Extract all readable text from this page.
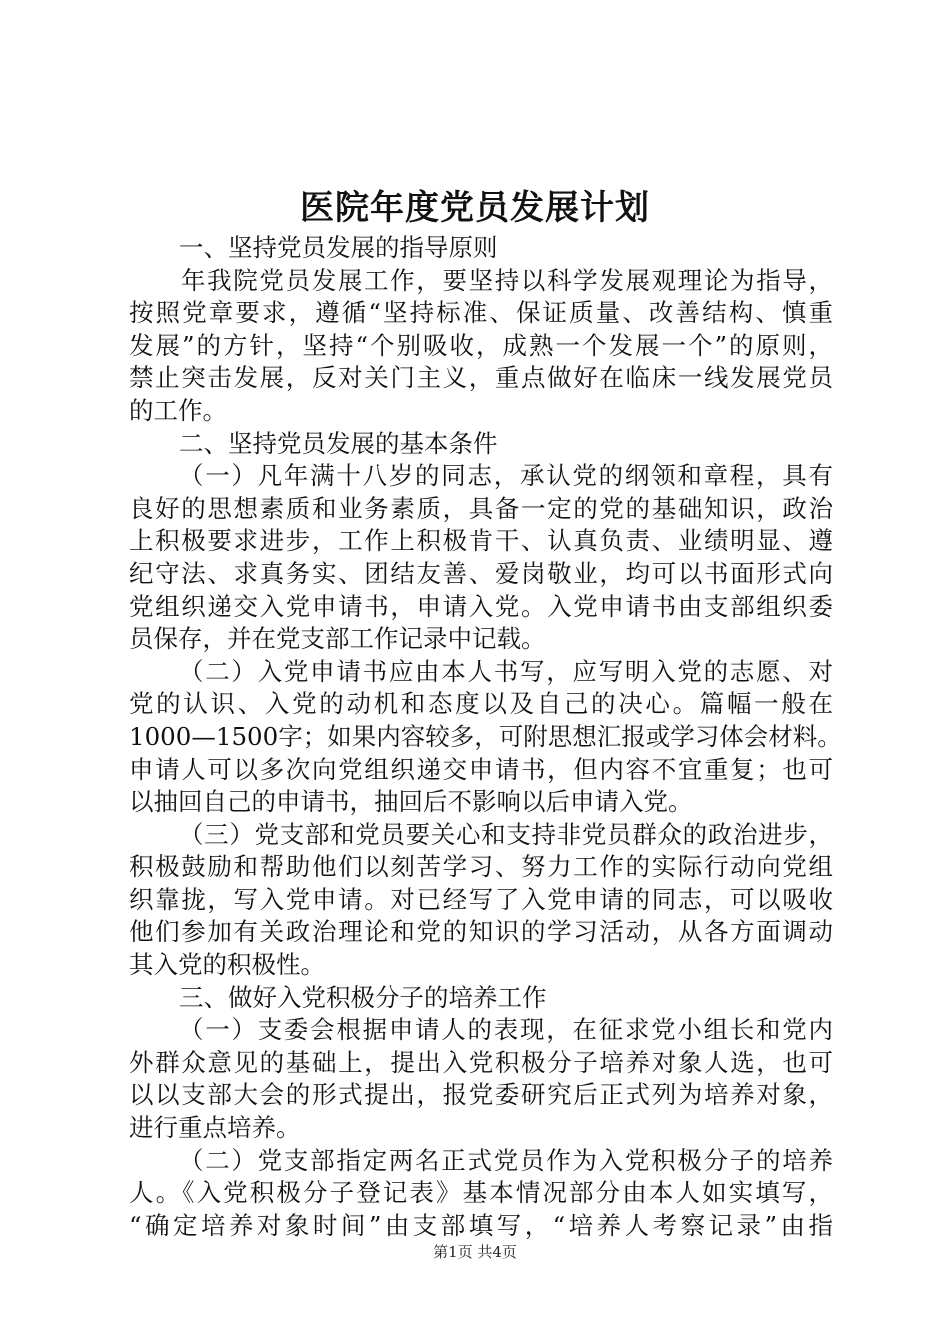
医院年度党员发展计划
一、坚持党员发展的指导原则
年我院党员发展工作，要坚持以科学发展观理论为指导，
按照党章要求，遵循“坚持标准、保证质量、改善结构、慎重
发展”的方针，坚持“个别吸收，成熟一个发展一个”的原则，
禁止突击发展，反对关门主义，重点做好在临床一线发展党员
的工作。
二、坚持党员发展的基本条件
（一）凡年满十八岁的同志，承认党的纲领和章程，具有
良好的思想素质和业务素质，具备一定的党的基础知识，政治
上积极要求进步，工作上积极肯干、认真负责、业绩明显、遵
纪守法、求真务实、团结友善、爱岗敬业，均可以书面形式向
党组织递交入党申请书，申请入党。入党申请书由支部组织委
员保存，并在党支部工作记录中记载。
（二）入党申请书应由本人书写，应写明入党的志愿、对
党的认识、入党的动机和态度以及自己的决心。篇幅一般在
1000—1500字；如果内容较多，可附思想汇报或学习体会材料。
申请人可以多次向党组织递交申请书，但内容不宜重复；也可
以抽回自己的申请书，抽回后不影响以后申请入党。
（三）党支部和党员要关心和支持非党员群众的政治进步，
积极鼓励和帮助他们以刻苦学习、努力工作的实际行动向党组
织靠拢，写入党申请。对已经写了入党申请的同志，可以吸收
他们参加有关政治理论和党的知识的学习活动，从各方面调动
其入党的积极性。
三、做好入党积极分子的培养工作
（一）支委会根据申请人的表现，在征求党小组长和党内
外群众意见的基础上，提出入党积极分子培养对象人选，也可
以以支部大会的形式提出，报党委研究后正式列为培养对象，
进行重点培养。
（二）党支部指定两名正式党员作为入党积极分子的培养
人。《入党积极分子登记表》基本情况部分由本人如实填写，
“确定培养对象时间”由支部填写，“培养人考察记录”由指
第1页 共4页
